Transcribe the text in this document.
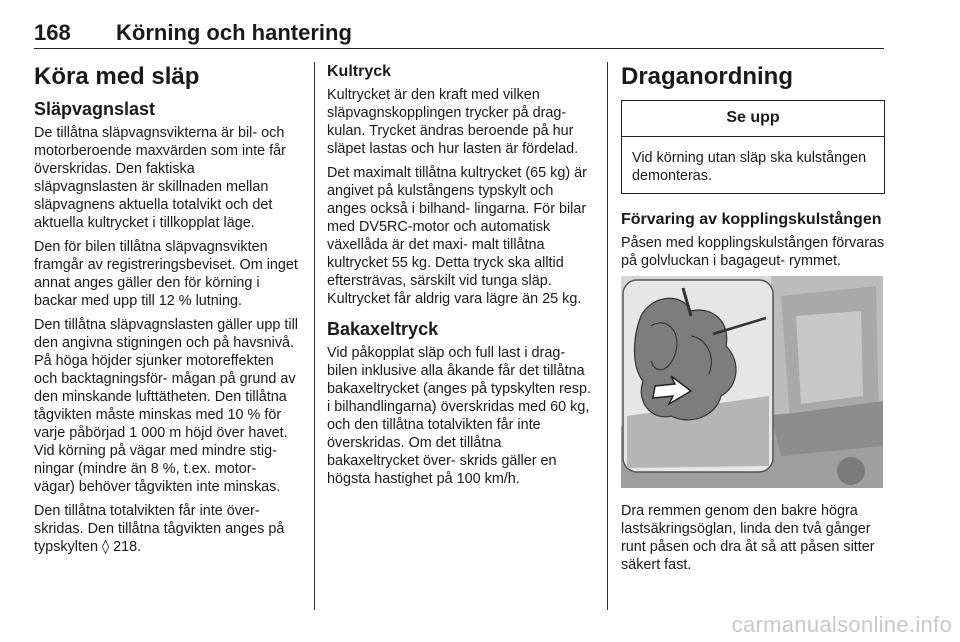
168 Körning och hantering
Köra med släp
Släpvagnslast

De tillåtna släpvagnsvikterna är bil- och motorberoende maxvärden som inte får överskridas. Den faktiska släpvagnslasten är skillnaden mellan släpvagnens aktuella totalvikt och det aktuella kultrycket i tillkopplat läge.

Den för bilen tillåtna släpvagnsvikten framgår av registreringsbeviset. Om inget annat anges gäller den för körning i backar med upp till 12 % lutning.

Den tillåtna släpvagnslasten gäller upp till den angivna stigningen och på havsnivå. På höga höjder sjunker motoreffekten och backtagningsför- mågan på grund av den minskande lufttätheten. Den tillåtna tågvikten måste minskas med 10 % för varje påbörjad 1 000 m höjd över havet. Vid körning på vägar med mindre stig- ningar (mindre än 8 %, t.ex. motor- vägar) behöver tågvikten inte minskas.

Den tillåtna totalvikten får inte över- skridas. Den tillåtna tågvikten anges på typskylten ◊ 218.

Kultryck

Kultrycket är den kraft med vilken släpvagnskopplingen trycker på drag- kulan. Trycket ändras beroende på hur släpet lastas och hur lasten är fördelad.

Det maximalt tillåtna kultrycket (65 kg) är angivet på kulstångens typskylt och anges också i bilhand- lingarna. För bilar med DV5RC-motor och automatisk växellåda är det maxi- malt tillåtna kultrycket 55 kg. Detta tryck ska alltid eftersträvas, särskilt vid tunga släp. Kultrycket får aldrig vara lägre än 25 kg.

Bakaxeltryck

Vid påkopplat släp och full last i drag- bilen inklusive alla åkande får det tillåtna bakaxeltrycket (anges på typskylten resp. i bilhandlingarna) överskridas med 60 kg, och den tillåtna totalvikten får inte överskridas. Om det tillåtna bakaxeltrycket över- skrids gäller en högsta hastighet på 100 km/h.

Draganordning
Se upp
Vid körning utan släp ska kulstången demonteras.
Förvaring av kopplingskulstången

Påsen med kopplingskulstången förvaras på golvluckan i bagageut- rymmet.

Dra remmen genom den bakre högra lastsäkringsöglan, linda den två gånger runt påsen och dra åt så att påsen sitter säkert fast.

carmanualsonline.info
